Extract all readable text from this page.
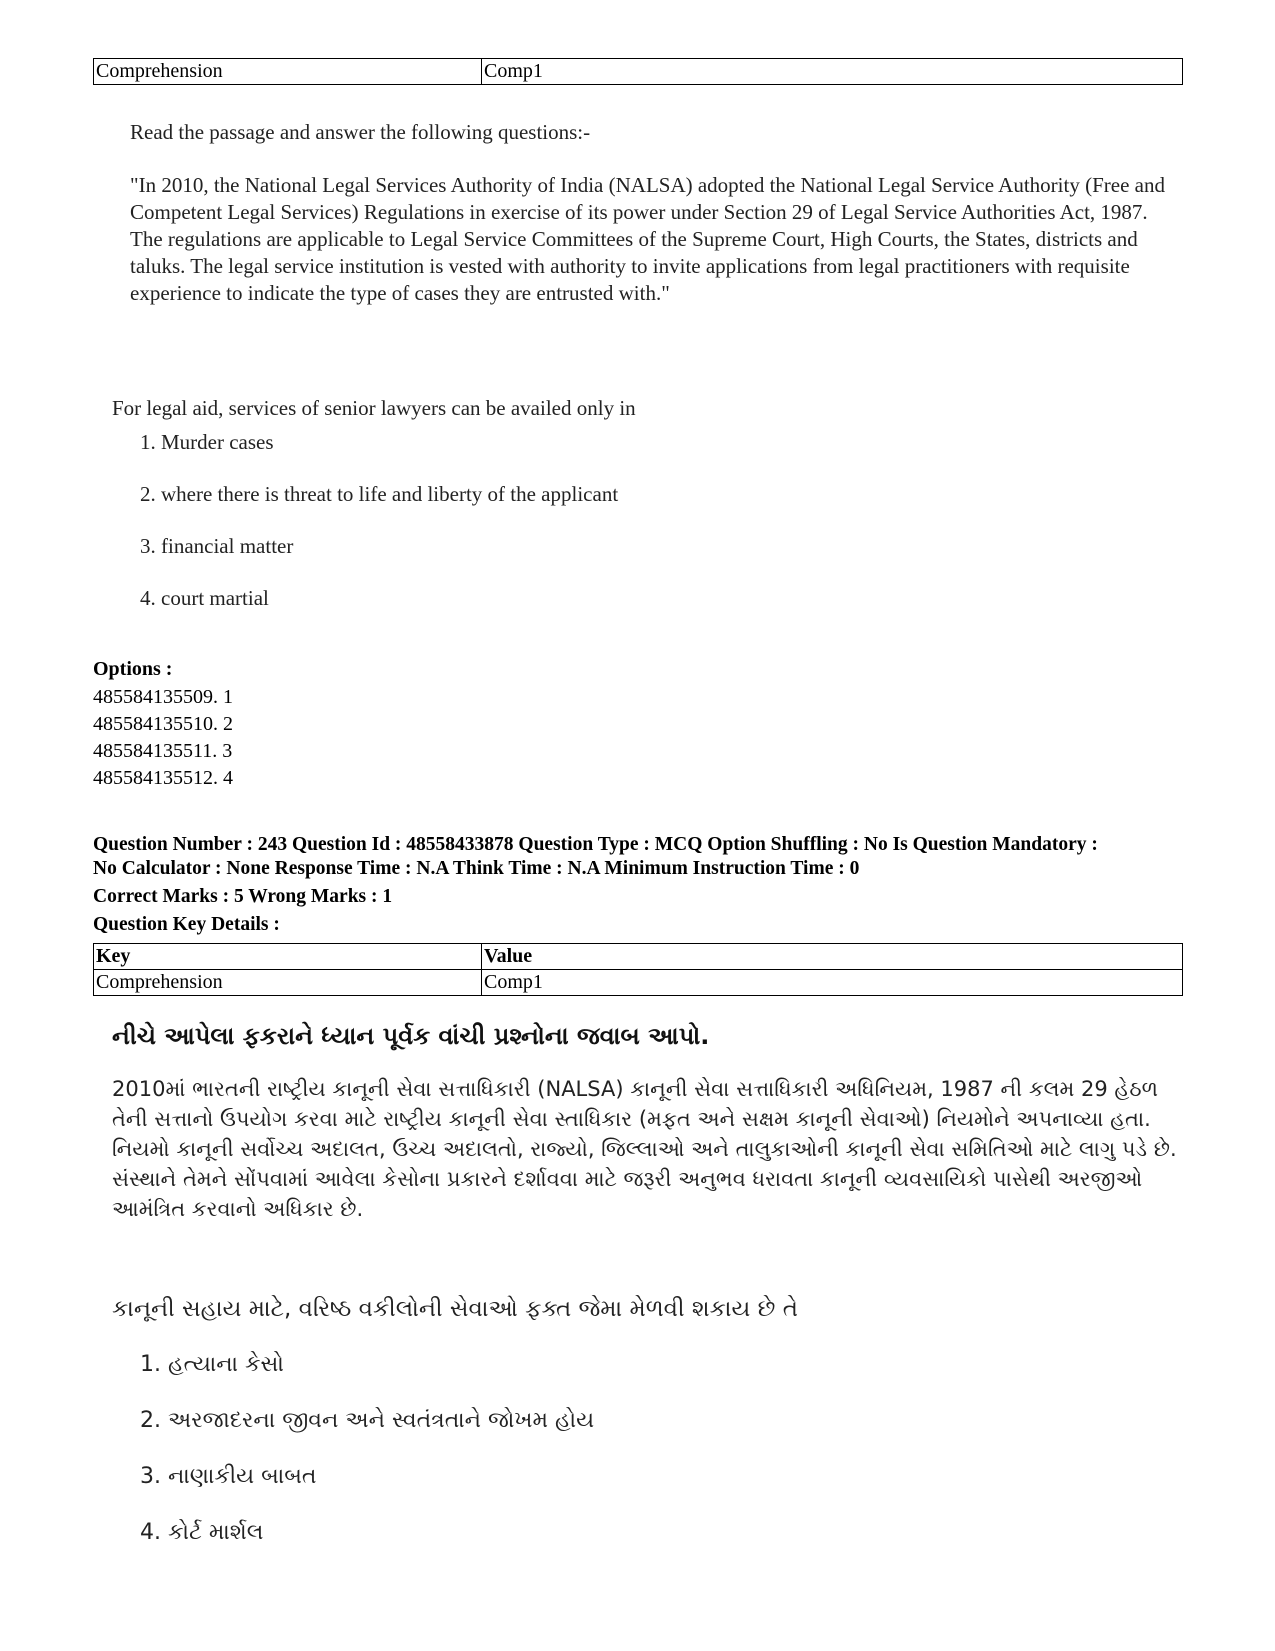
Comprehension	Comp1
Read the passage and answer the following questions:-

"In 2010, the National Legal Services Authority of India (NALSA) adopted the National Legal Service Authority (Free and Competent Legal Services) Regulations in exercise of its power under Section 29 of Legal Service Authorities Act, 1987. The regulations are applicable to Legal Service Committees of the Supreme Court, High Courts, the States, districts and taluks. The legal service institution is vested with authority to invite applications from legal practitioners with requisite experience to indicate the type of cases they are entrusted with."

For legal aid, services of senior lawyers can be availed only in
1. Murder cases
2. where there is threat to life and liberty of the applicant
3. financial matter
4. court martial
Options :
485584135509. 1
485584135510. 2
485584135511. 3
485584135512. 4
Question Number : 243 Question Id : 48558433878 Question Type : MCQ Option Shuffling : No Is Question Mandatory :
No Calculator : None Response Time : N.A Think Time : N.A Minimum Instruction Time : 0
Correct Marks : 5 Wrong Marks : 1
Question Key Details :
Key	Value
Comprehension	Comp1
નીચે આપેલા ફકરાને ધ્યાન પૂર્વક વાંચી પ્રશ્નોના જવાબ આપો.

2010માં ભારતની રાષ્ટ્રીય કાનૂની સેવા સત્તાધિકારી (NALSA) કાનૂની સેવા સત્તાધિકારી અધિનિયમ, 1987 ની કલમ 29 હેઠળ તેની સત્તાનો ઉપયોગ કરવા માટે રાષ્ટ્રીય કાનૂની સેવા સ્તાધિકાર (મફત અને સક્ષમ કાનૂની સેવાઓ) નિયમોને અપનાવ્યા હતા. નિયમો કાનૂની સર્વોચ્ચ અદાલત, ઉચ્ચ અદાલતો, રાજ્યો, જિલ્લાઓ અને તાલુકાઓની કાનૂની સેવા સમિતિઓ માટે લાગુ પડે છે. સંસ્થાને તેમને સોંપવામાં આવેલા કેસોના પ્રકારને દર્શાવવા માટે જરૂરી અનુભવ ધરાવતા કાનૂની વ્યવસાયિકો પાસેથી અરજીઓ આમંત્રિત કરવાનો અધિકાર છે.

કાનૂની સહાય માટે, વરિષ્ઠ વકીલોની સેવાઓ ફક્ત જેમા મેળવી શકાય છે તે
1. હત્યાના કેસો
2. અરજાદરના જીવન અને સ્વતંત્રતાને જોખમ હોય
3. નાણાકીય બાબત
4. કોર્ટ માર્શલ
